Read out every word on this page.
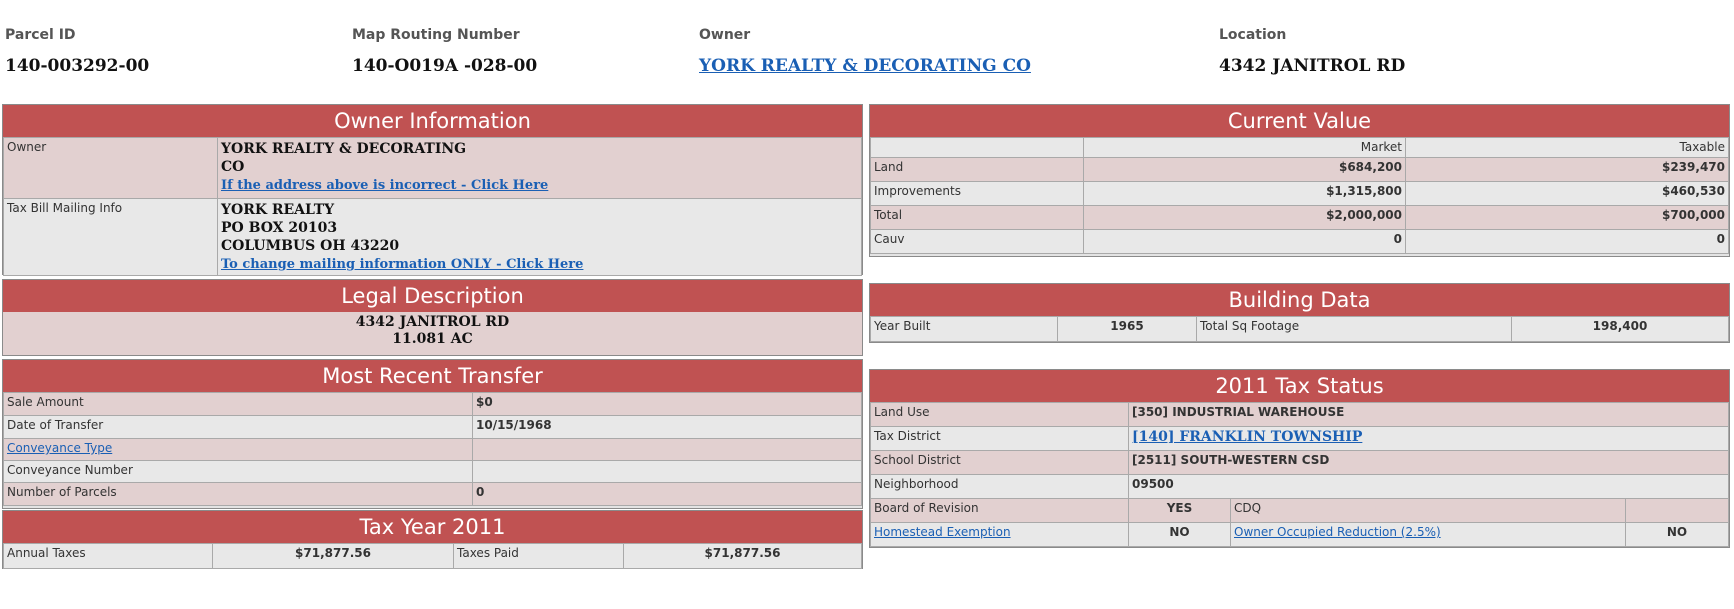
Parcel ID
140-003292-00
Map Routing Number
140-O019A -028-00
Owner
YORK REALTY & DECORATING CO
Location
4342 JANITROL RD
Owner Information
Owner	YORK REALTY & DECORATING
CO
If the address above is incorrect - Click Here
Tax Bill Mailing Info	YORK REALTY
PO BOX 20103
COLUMBUS OH 43220
To change mailing information ONLY - Click Here
Legal Description
4342 JANITROL RD
11.081 AC
Most Recent Transfer
Sale Amount	$0
Date of Transfer	10/15/1968
Conveyance Type	
Conveyance Number	
Number of Parcels	0
Tax Year 2011
Annual Taxes	$71,877.56	Taxes Paid	$71,877.56
Current Value
	Market	Taxable
Land	$684,200	$239,470
Improvements	$1,315,800	$460,530
Total	$2,000,000	$700,000
Cauv	0	0
Building Data
Year Built	1965	Total Sq Footage	198,400
2011 Tax Status
Land Use	[350] INDUSTRIAL WAREHOUSE		
Tax District	[140] FRANKLIN TOWNSHIP		
School District	[2511] SOUTH-WESTERN CSD		
Neighborhood	09500		
Board of Revision	YES	CDQ	
Homestead Exemption	NO	Owner Occupied Reduction (2.5%)	NO
